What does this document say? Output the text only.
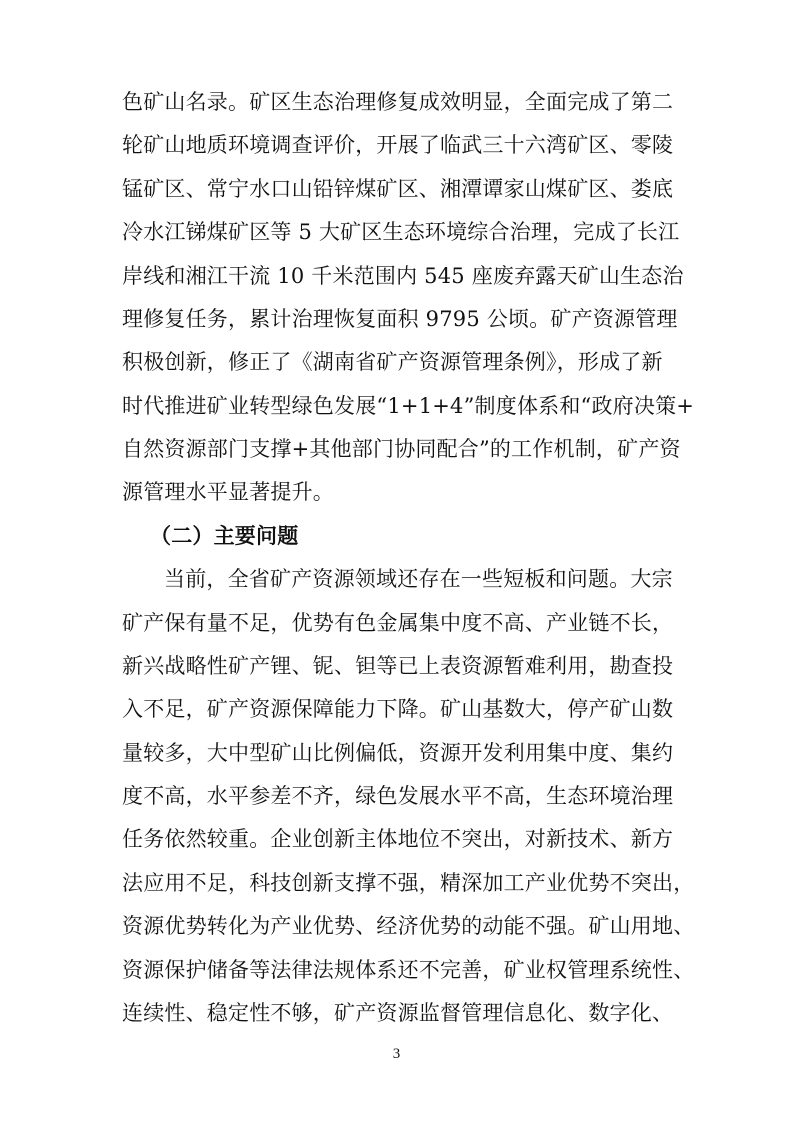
色矿山名录。矿区生态治理修复成效明显，全面完成了第二
轮矿山地质环境调查评价，开展了临武三十六湾矿区、零陵
锰矿区、常宁水口山铅锌煤矿区、湘潭谭家山煤矿区、娄底
冷水江锑煤矿区等 5 大矿区生态环境综合治理，完成了长江
岸线和湘江干流 10 千米范围内 545 座废弃露天矿山生态治
理修复任务，累计治理恢复面积 9795 公顷。矿产资源管理
积极创新，修正了《湖南省矿产资源管理条例》，形成了新
时代推进矿业转型绿色发展“1+1+4”制度体系和“政府决策+
自然资源部门支撑+其他部门协同配合”的工作机制，矿产资
源管理水平显著提升。
（二）主要问题
当前，全省矿产资源领域还存在一些短板和问题。大宗
矿产保有量不足，优势有色金属集中度不高、产业链不长，
新兴战略性矿产锂、铌、钽等已上表资源暂难利用，勘查投
入不足，矿产资源保障能力下降。矿山基数大，停产矿山数
量较多，大中型矿山比例偏低，资源开发利用集中度、集约
度不高，水平参差不齐，绿色发展水平不高，生态环境治理
任务依然较重。企业创新主体地位不突出，对新技术、新方
法应用不足，科技创新支撑不强，精深加工产业优势不突出，
资源优势转化为产业优势、经济优势的动能不强。矿山用地、
资源保护储备等法律法规体系还不完善，矿业权管理系统性、
连续性、稳定性不够，矿产资源监督管理信息化、数字化、
3
